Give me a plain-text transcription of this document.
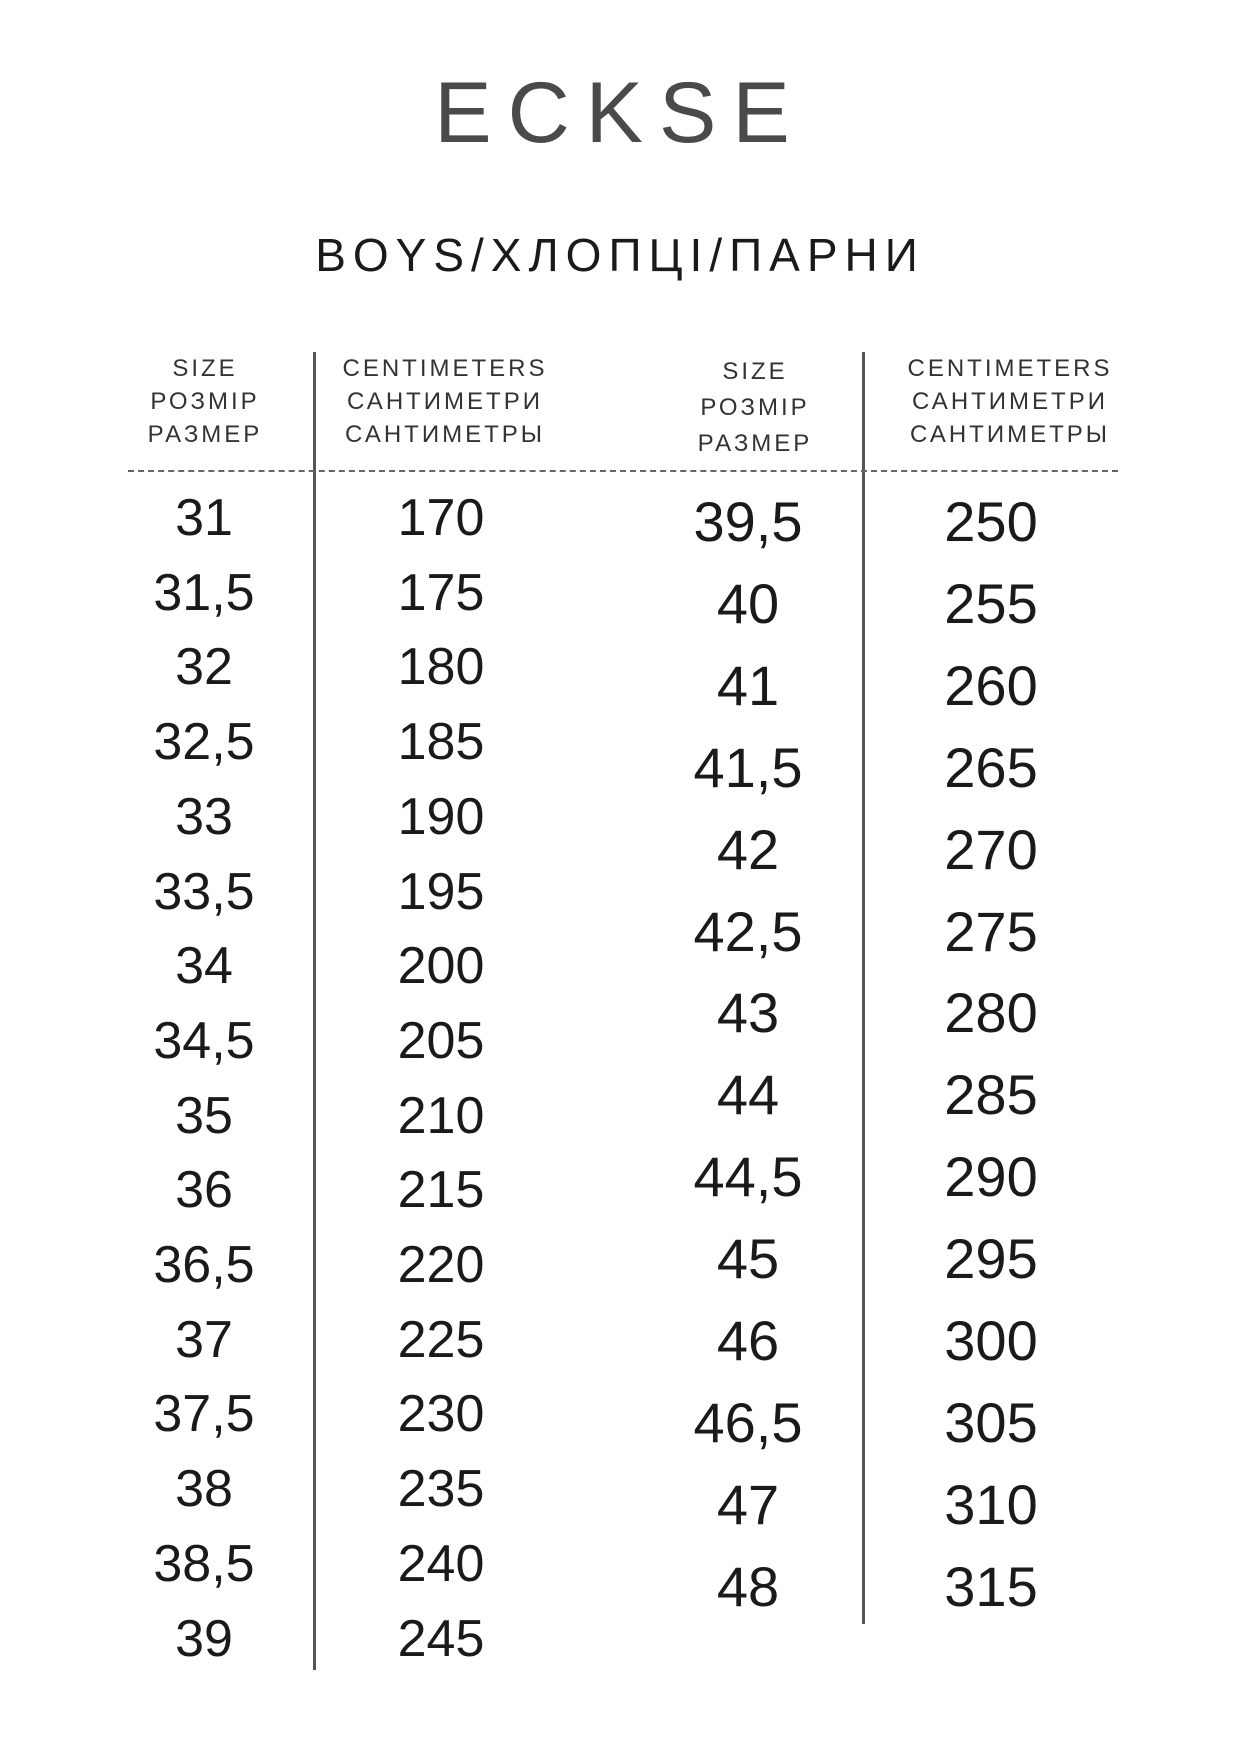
ECKSE
BOYS/ХЛОПЦІ/ПАРНИ
SIZE
РОЗМІР
РАЗМЕР
CENTIMETERS
САНТИМЕТРИ
САНТИМЕТРЫ
SIZE
РОЗМІР
РАЗМЕР
CENTIMETERS
САНТИМЕТРИ
САНТИМЕТРЫ
31
31,5
32
32,5
33
33,5
34
34,5
35
36
36,5
37
37,5
38
38,5
39
170
175
180
185
190
195
200
205
210
215
220
225
230
235
240
245
39,5
40
41
41,5
42
42,5
43
44
44,5
45
46
46,5
47
48
250
255
260
265
270
275
280
285
290
295
300
305
310
315
